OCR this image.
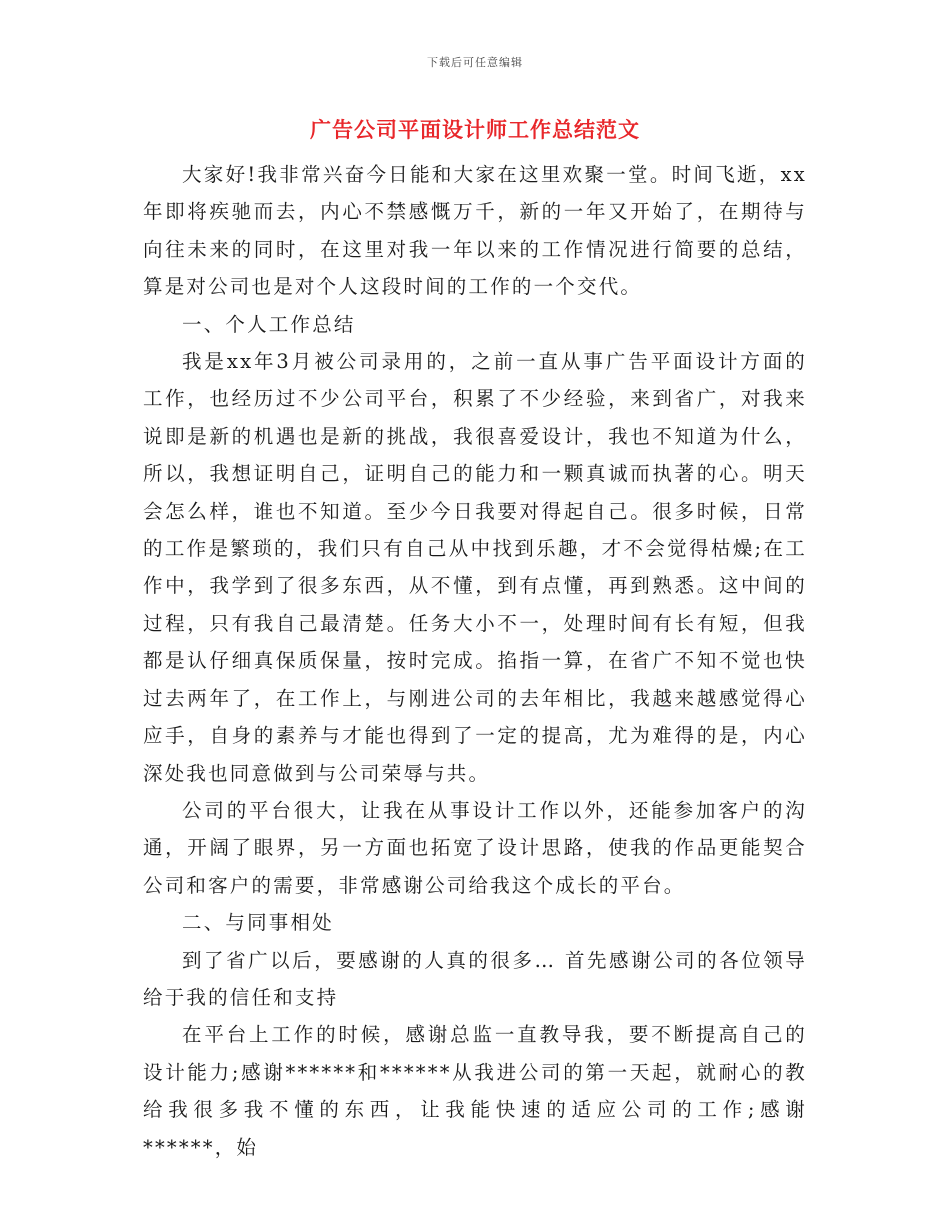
下载后可任意编辑
广告公司平面设计师工作总结范文

大家好!我非常兴奋今日能和大家在这里欢聚一堂。时间飞逝，xx年即将疾驰而去，内心不禁感慨万千，新的一年又开始了，在期待与向往未来的同时，在这里对我一年以来的工作情况进行简要的总结，算是对公司也是对个人这段时间的工作的一个交代。

一、个人工作总结

我是xx年3月被公司录用的，之前一直从事广告平面设计方面的工作，也经历过不少公司平台，积累了不少经验，来到省广，对我来说即是新的机遇也是新的挑战，我很喜爱设计，我也不知道为什么，所以，我想证明自己，证明自己的能力和一颗真诚而执著的心。明天会怎么样，谁也不知道。至少今日我要对得起自己。很多时候，日常的工作是繁琐的，我们只有自己从中找到乐趣，才不会觉得枯燥;在工作中，我学到了很多东西，从不懂，到有点懂，再到熟悉。这中间的过程，只有我自己最清楚。任务大小不一，处理时间有长有短，但我都是认仔细真保质保量，按时完成。掐指一算，在省广不知不觉也快过去两年了，在工作上，与刚进公司的去年相比，我越来越感觉得心应手，自身的素养与才能也得到了一定的提高，尤为难得的是，内心深处我也同意做到与公司荣辱与共。

公司的平台很大，让我在从事设计工作以外，还能参加客户的沟通，开阔了眼界，另一方面也拓宽了设计思路，使我的作品更能契合公司和客户的需要，非常感谢公司给我这个成长的平台。

二、与同事相处

到了省广以后，要感谢的人真的很多… 首先感谢公司的各位领导给于我的信任和支持

在平台上工作的时候，感谢总监一直教导我，要不断提高自己的设计能力;感谢******和******从我进公司的第一天起，就耐心的教给我很多我不懂的东西，让我能快速的适应公司的工作;感谢******，始
